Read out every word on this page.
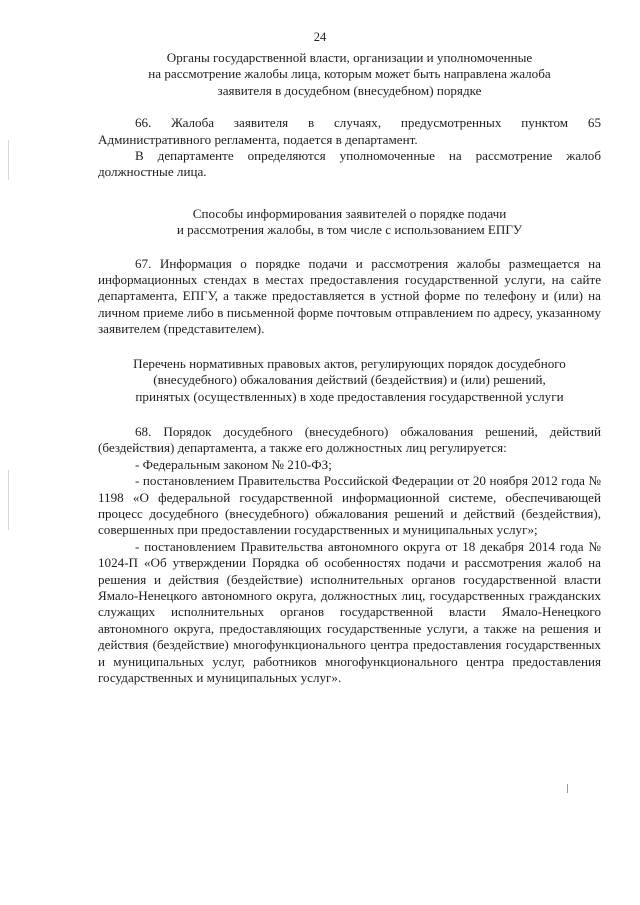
24
Органы государственной власти, организации и уполномоченные
на рассмотрение жалобы лица, которым может быть направлена жалоба
заявителя в досудебном (внесудебном) порядке

66. Жалоба заявителя в случаях, предусмотренных пунктом 65 Административного регламента, подается в департамент.

В департаменте определяются уполномоченные на рассмотрение жалоб должностные лица.

Способы информирования заявителей о порядке подачи
и рассмотрения жалобы, в том числе с использованием ЕПГУ

67. Информация о порядке подачи и рассмотрения жалобы размещается на информационных стендах в местах предоставления государственной услуги, на сайте департамента, ЕПГУ, а также предоставляется в устной форме по телефону и (или) на личном приеме либо в письменной форме почтовым отправлением по адресу, указанному заявителем (представителем).

Перечень нормативных правовых актов, регулирующих порядок досудебного
(внесудебного) обжалования действий (бездействия) и (или) решений,
принятых (осуществленных) в ходе предоставления государственной услуги

68. Порядок досудебного (внесудебного) обжалования решений, действий (бездействия) департамента, а также его должностных лиц регулируется:

- Федеральным законом № 210-ФЗ;

- постановлением Правительства Российской Федерации от 20 ноября 2012 года № 1198 «О федеральной государственной информационной системе, обеспечивающей процесс досудебного (внесудебного) обжалования решений и действий (бездействия), совершенных при предоставлении государственных и муниципальных услуг»;

- постановлением Правительства автономного округа от 18 декабря 2014 года № 1024-П «Об утверждении Порядка об особенностях подачи и рассмотрения жалоб на решения и действия (бездействие) исполнительных органов государственной власти Ямало-Ненецкого автономного округа, должностных лиц, государственных гражданских служащих исполнительных органов государственной власти Ямало-Ненецкого автономного округа, предоставляющих государственные услуги, а также на решения и действия (бездействие) многофункционального центра предоставления государственных и муниципальных услуг, работников многофункционального центра предоставления государственных и муниципальных услуг».
